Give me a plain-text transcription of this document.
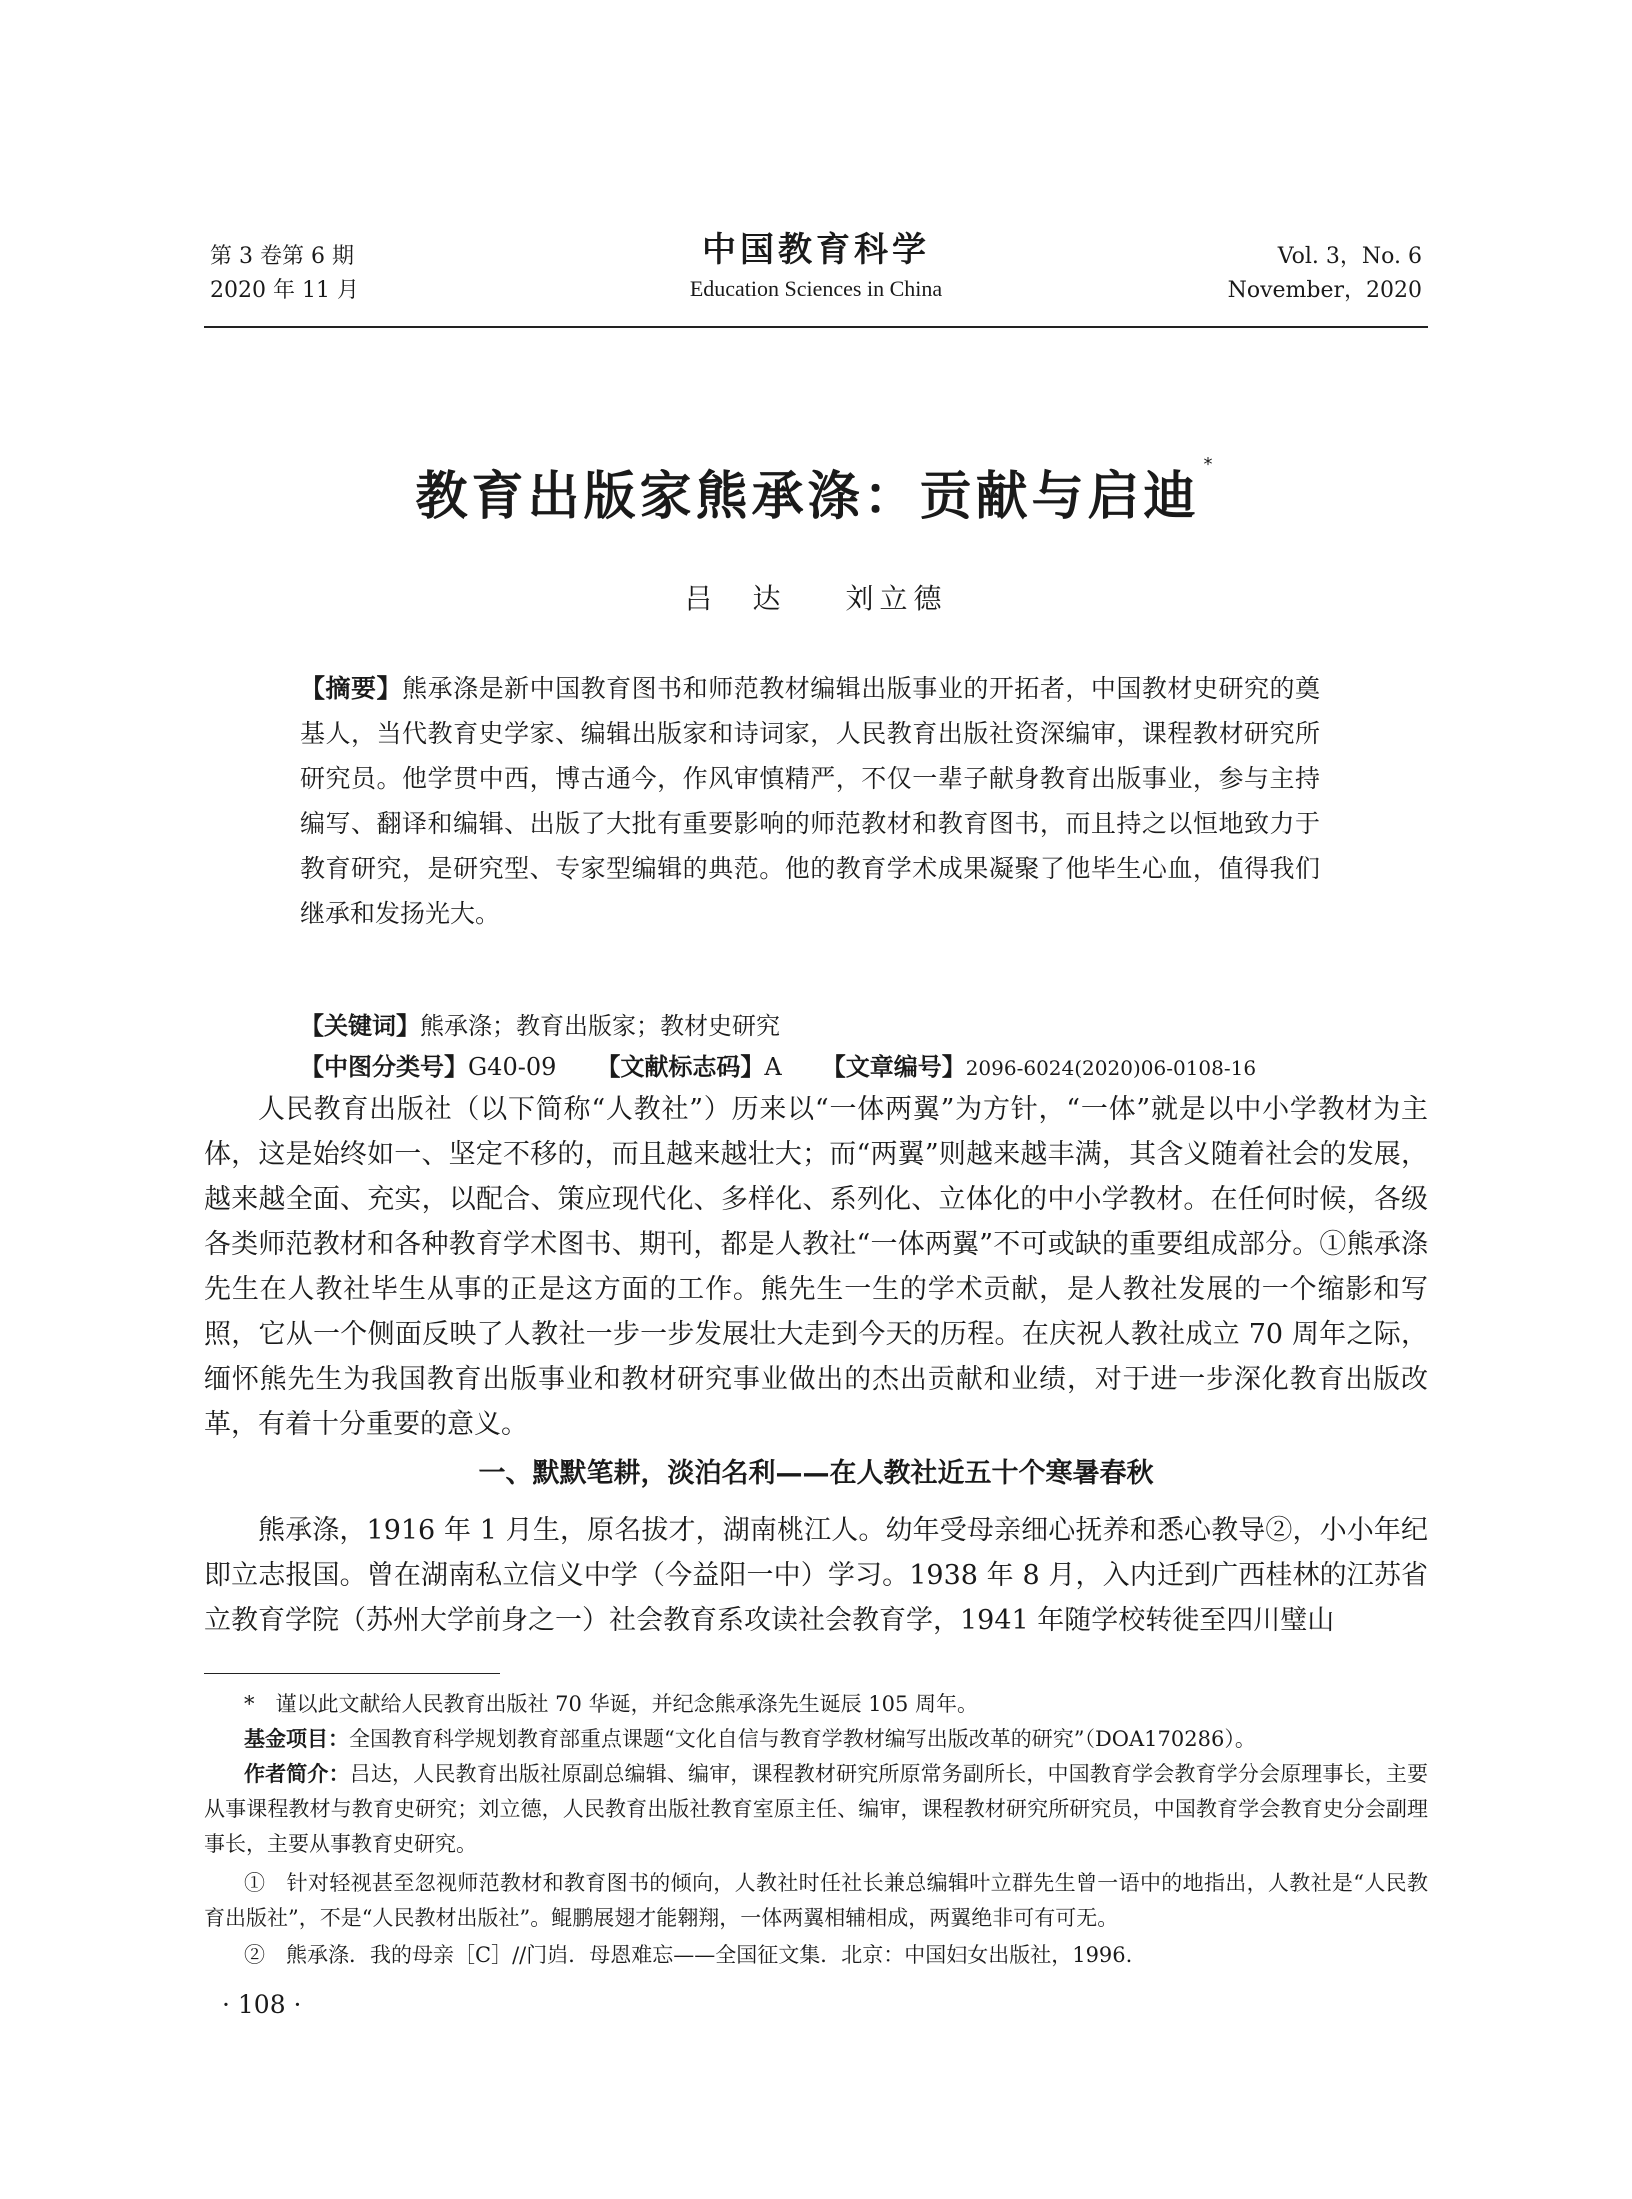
第 3 卷第 6 期
2020 年 11 月
中国教育科学
Education Sciences in China
Vol. 3，No. 6
November，2020
教育出版家熊承涤：贡献与启迪*
吕　达 刘立德
【摘要】熊承涤是新中国教育图书和师范教材编辑出版事业的开拓者，中国教材史研究的奠基人，当代教育史学家、编辑出版家和诗词家，人民教育出版社资深编审，课程教材研究所研究员。他学贯中西，博古通今，作风审慎精严，不仅一辈子献身教育出版事业，参与主持编写、翻译和编辑、出版了大批有重要影响的师范教材和教育图书，而且持之以恒地致力于教育研究，是研究型、专家型编辑的典范。他的教育学术成果凝聚了他毕生心血，值得我们继承和发扬光大。
【关键词】熊承涤；教育出版家；教材史研究
【中图分类号】G40-09 【文献标志码】A 【文章编号】2096-6024(2020)06-0108-16
人民教育出版社（以下简称“人教社”）历来以“一体两翼”为方针，“一体”就是以中小学教材为主体，这是始终如一、坚定不移的，而且越来越壮大；而“两翼”则越来越丰满，其含义随着社会的发展，越来越全面、充实，以配合、策应现代化、多样化、系列化、立体化的中小学教材。在任何时候，各级各类师范教材和各种教育学术图书、期刊，都是人教社“一体两翼”不可或缺的重要组成部分。①熊承涤先生在人教社毕生从事的正是这方面的工作。熊先生一生的学术贡献，是人教社发展的一个缩影和写照，它从一个侧面反映了人教社一步一步发展壮大走到今天的历程。在庆祝人教社成立 70 周年之际，缅怀熊先生为我国教育出版事业和教材研究事业做出的杰出贡献和业绩，对于进一步深化教育出版改革，有着十分重要的意义。
一、默默笔耕，淡泊名利——在人教社近五十个寒暑春秋
熊承涤，1916 年 1 月生，原名拔才，湖南桃江人。幼年受母亲细心抚养和悉心教导②，小小年纪即立志报国。曾在湖南私立信义中学（今益阳一中）学习。1938 年 8 月，入内迁到广西桂林的江苏省立教育学院（苏州大学前身之一）社会教育系攻读社会教育学，1941 年随学校转徙至四川璧山
*　谨以此文献给人民教育出版社 70 华诞，并纪念熊承涤先生诞辰 105 周年。
基金项目：全国教育科学规划教育部重点课题“文化自信与教育学教材编写出版改革的研究”（DOA170286）。
作者简介：吕达，人民教育出版社原副总编辑、编审，课程教材研究所原常务副所长，中国教育学会教育学分会原理事长，主要从事课程教材与教育史研究；刘立德，人民教育出版社教育室原主任、编审，课程教材研究所研究员，中国教育学会教育史分会副理事长，主要从事教育史研究。
①　针对轻视甚至忽视师范教材和教育图书的倾向，人教社时任社长兼总编辑叶立群先生曾一语中的地指出，人教社是“人民教育出版社”，不是“人民教材出版社”。鲲鹏展翅才能翱翔，一体两翼相辅相成，两翼绝非可有可无。
②　熊承涤．我的母亲［C］//门岿．母恩难忘——全国征文集．北京：中国妇女出版社，1996.
· 108 ·
